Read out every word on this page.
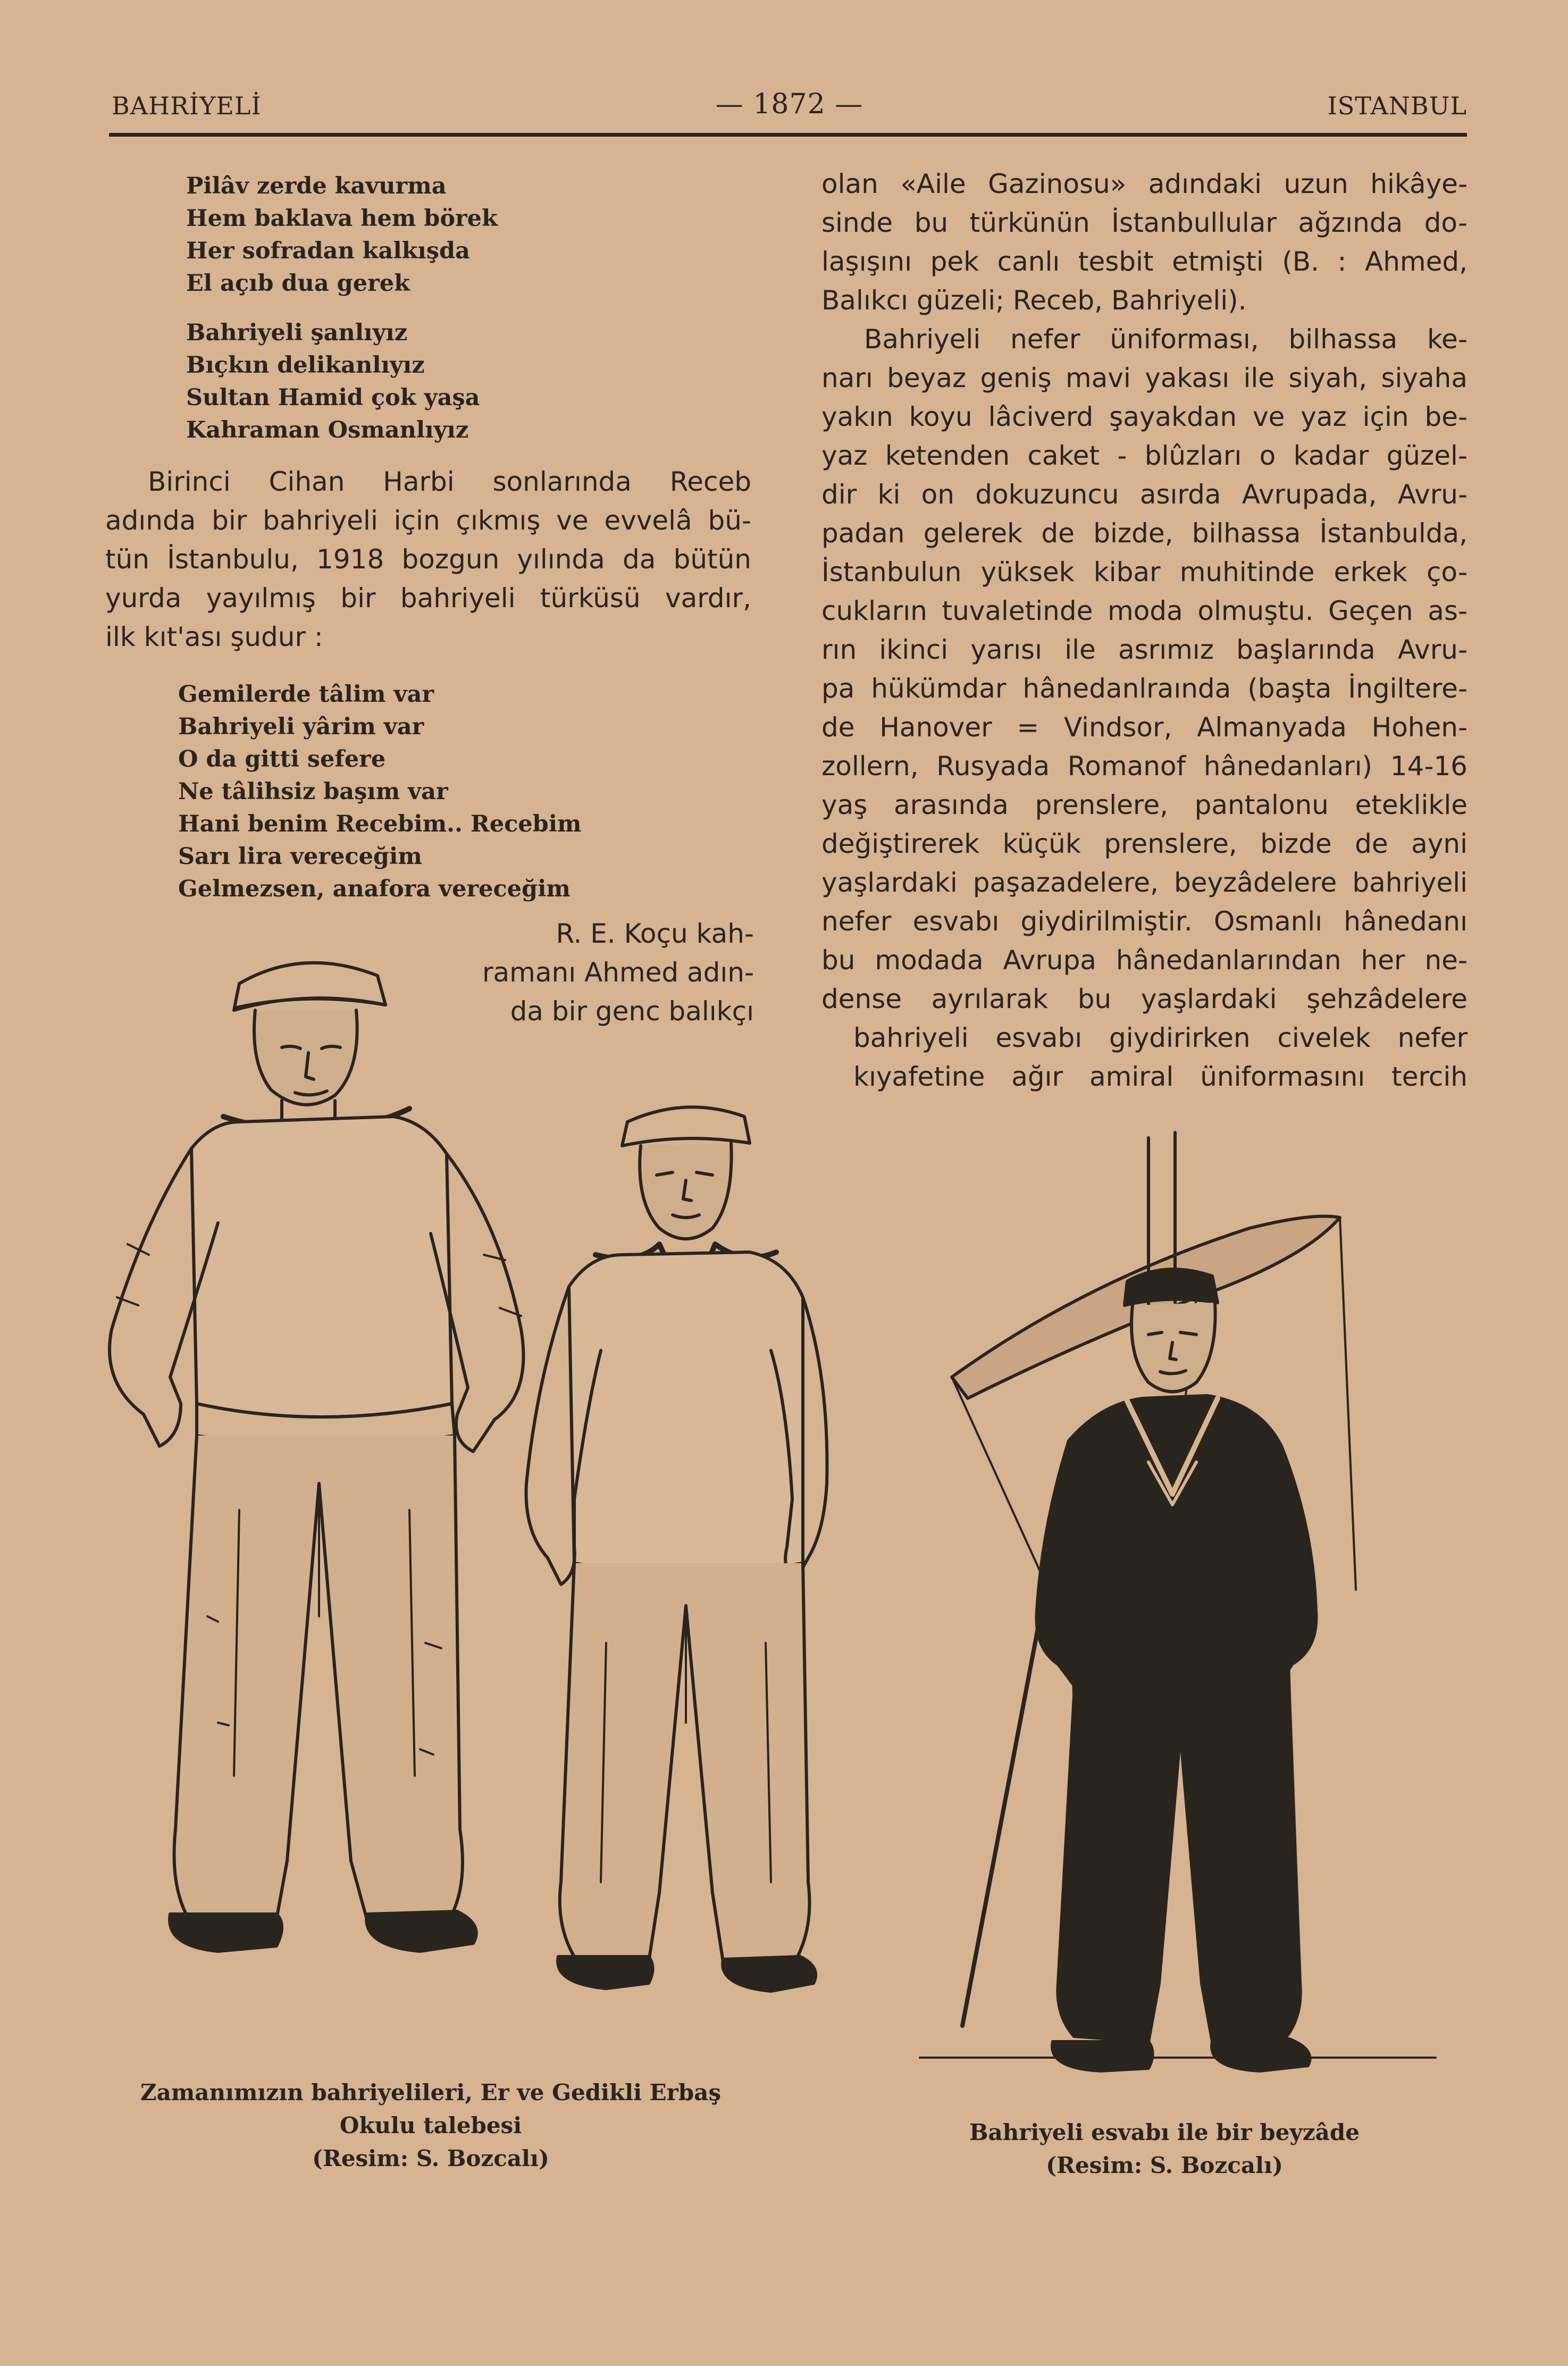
BAHRİYELİ	— 1872 —	ISTANBUL
Pilâv zerde kavurma
Hem baklava hem börek
Her sofradan kalkışda
El açıb dua gerek
Bahriyeli şanlıyız
Bıçkın delikanlıyız
Sultan Hamid çok yaşa
Kahraman Osmanlıyız
Birinci Cihan Harbi sonlarında Receb
adında bir bahriyeli için çıkmış ve evvelâ bü-
tün İstanbulu, 1918 bozgun yılında da bütün
yurda yayılmış bir bahriyeli türküsü vardır,
ilk kıt'ası şudur :
Gemilerde tâlim var
Bahriyeli yârim var
O da gitti sefere
Ne tâlihsiz başım var
Hani benim Recebim.. Recebim
Sarı lira vereceğim
Gelmezsen, anafora vereceğim
R. E. Koçu kah-
ramanı Ahmed adın-
da bir genc balıkçı
olan «Aile Gazinosu» adındaki uzun hikâye-
sinde bu türkünün İstanbullular ağzında do-
laşışını pek canlı tesbit etmişti (B. : Ahmed,
Balıkcı güzeli; Receb, Bahriyeli).
Bahriyeli nefer üniforması, bilhassa ke-
narı beyaz geniş mavi yakası ile siyah, siyaha
yakın koyu lâciverd şayakdan ve yaz için be-
yaz ketenden caket - blûzları o kadar güzel-
dir ki on dokuzuncu asırda Avrupada, Avru-
padan gelerek de bizde, bilhassa İstanbulda,
İstanbulun yüksek kibar muhitinde erkek ço-
cukların tuvaletinde moda olmuştu. Geçen as-
rın ikinci yarısı ile asrımız başlarında Avru-
pa hükümdar hânedanlraında (başta İngiltere-
de Hanover = Vindsor, Almanyada Hohen-
zollern, Rusyada Romanof hânedanları) 14-16
yaş arasında prenslere, pantalonu eteklikle
değiştirerek küçük prenslere, bizde de ayni
yaşlardaki paşazadelere, beyzâdelere bahriyeli
nefer esvabı giydirilmiştir. Osmanlı hânedanı
bu modada Avrupa hânedanlarından her ne-
dense ayrılarak bu yaşlardaki şehzâdelere
bahriyeli esvabı giydirirken civelek nefer
kıyafetine ağır amiral üniformasını tercih
Zamanımızın bahriyelileri, Er ve Gedikli Erbaş
Okulu talebesi
(Resim: S. Bozcalı)
Bahriyeli esvabı ile bir beyzâde
(Resim: S. Bozcalı)
